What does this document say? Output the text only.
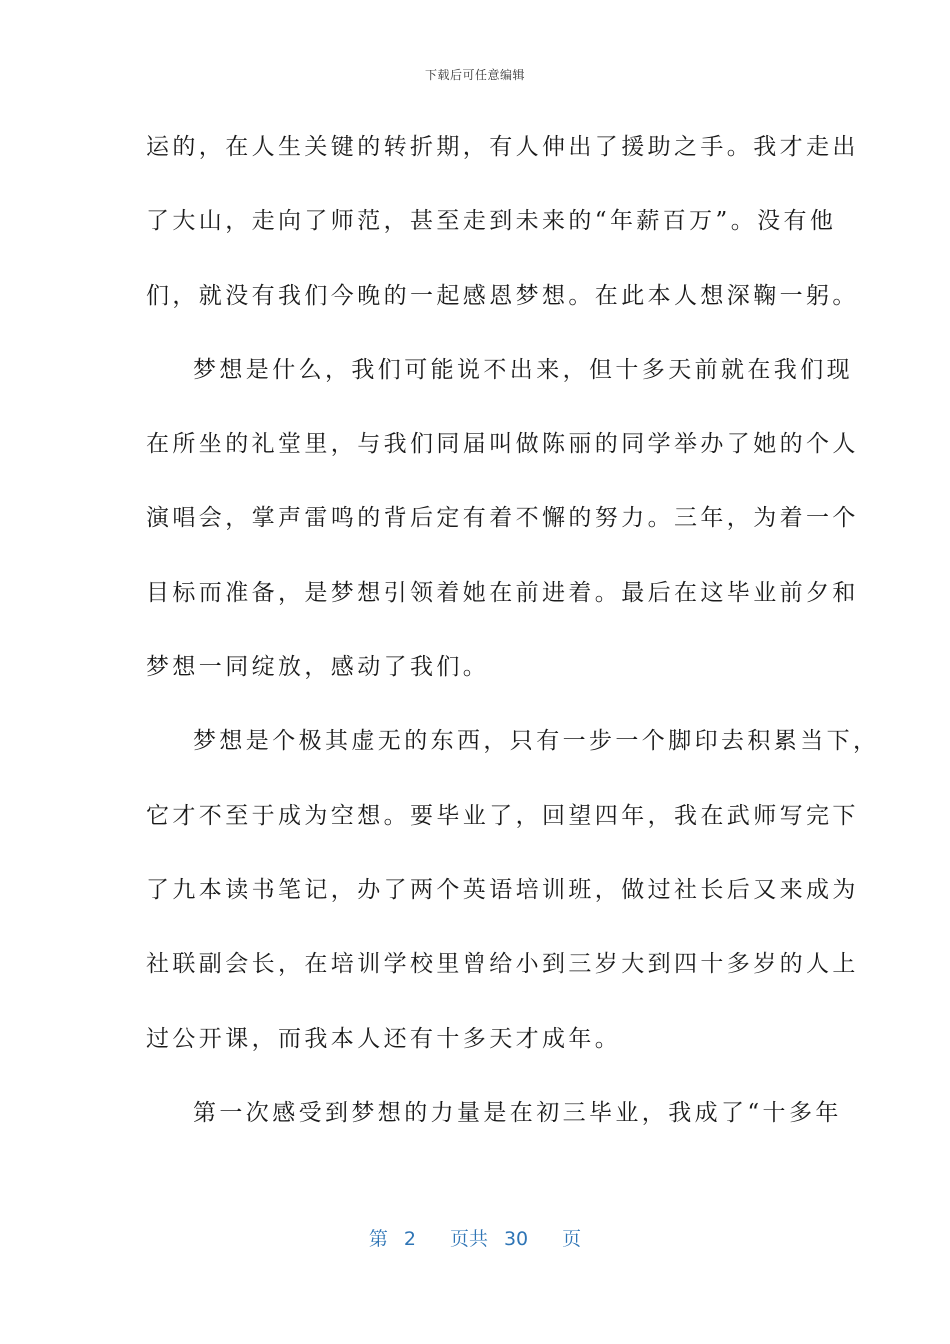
下载后可任意编辑
运的，在人生关键的转折期，有人伸出了援助之手。我才走出
了大山，走向了师范，甚至走到未来的“年薪百万”。没有他
们，就没有我们今晚的一起感恩梦想。在此本人想深鞠一躬。
梦想是什么，我们可能说不出来，但十多天前就在我们现
在所坐的礼堂里，与我们同届叫做陈丽的同学举办了她的个人
演唱会，掌声雷鸣的背后定有着不懈的努力。三年，为着一个
目标而准备，是梦想引领着她在前进着。最后在这毕业前夕和
梦想一同绽放，感动了我们。
梦想是个极其虚无的东西，只有一步一个脚印去积累当下，
它才不至于成为空想。要毕业了，回望四年，我在武师写完下
了九本读书笔记，办了两个英语培训班，做过社长后又来成为
社联副会长，在培训学校里曾给小到三岁大到四十多岁的人上
过公开课，而我本人还有十多天才成年。
第一次感受到梦想的力量是在初三毕业，我成了“十多年
第 2 页共 30 页
